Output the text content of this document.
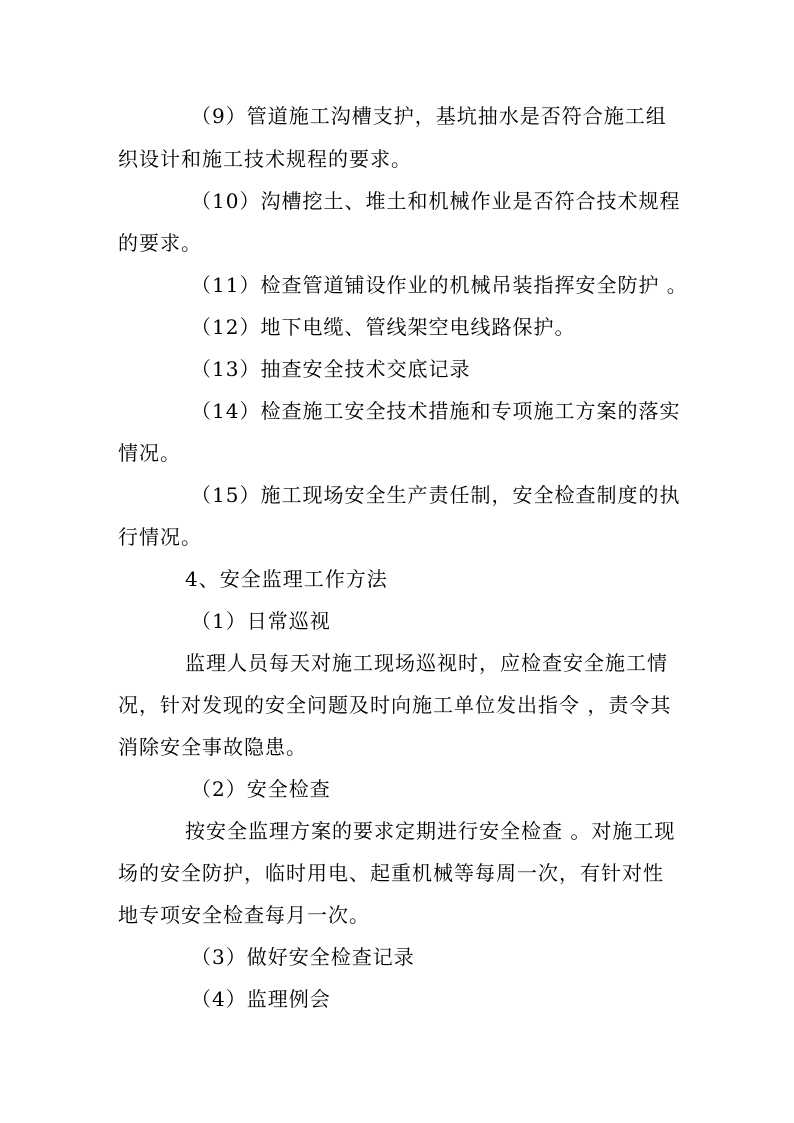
（9）管道施工沟槽支护，基坑抽水是否符合施工组
织设计和施工技术规程的要求。
（10）沟槽挖土、堆土和机械作业是否符合技术规程
的要求。
（11）检查管道铺设作业的机械吊装指挥安全防护 。
（12）地下电缆、管线架空电线路保护。
（13）抽查安全技术交底记录
（14）检查施工安全技术措施和专项施工方案的落实
情况。
（15）施工现场安全生产责任制，安全检查制度的执
行情况。
4、安全监理工作方法
（1）日常巡视
监理人员每天对施工现场巡视时，应检查安全施工情
况，针对发现的安全问题及时向施工单位发出指令 ，责令其
消除安全事故隐患。
（2）安全检查
按安全监理方案的要求定期进行安全检查 。对施工现
场的安全防护，临时用电、起重机械等每周一次，有针对性
地专项安全检查每月一次。
（3）做好安全检查记录
（4）监理例会
